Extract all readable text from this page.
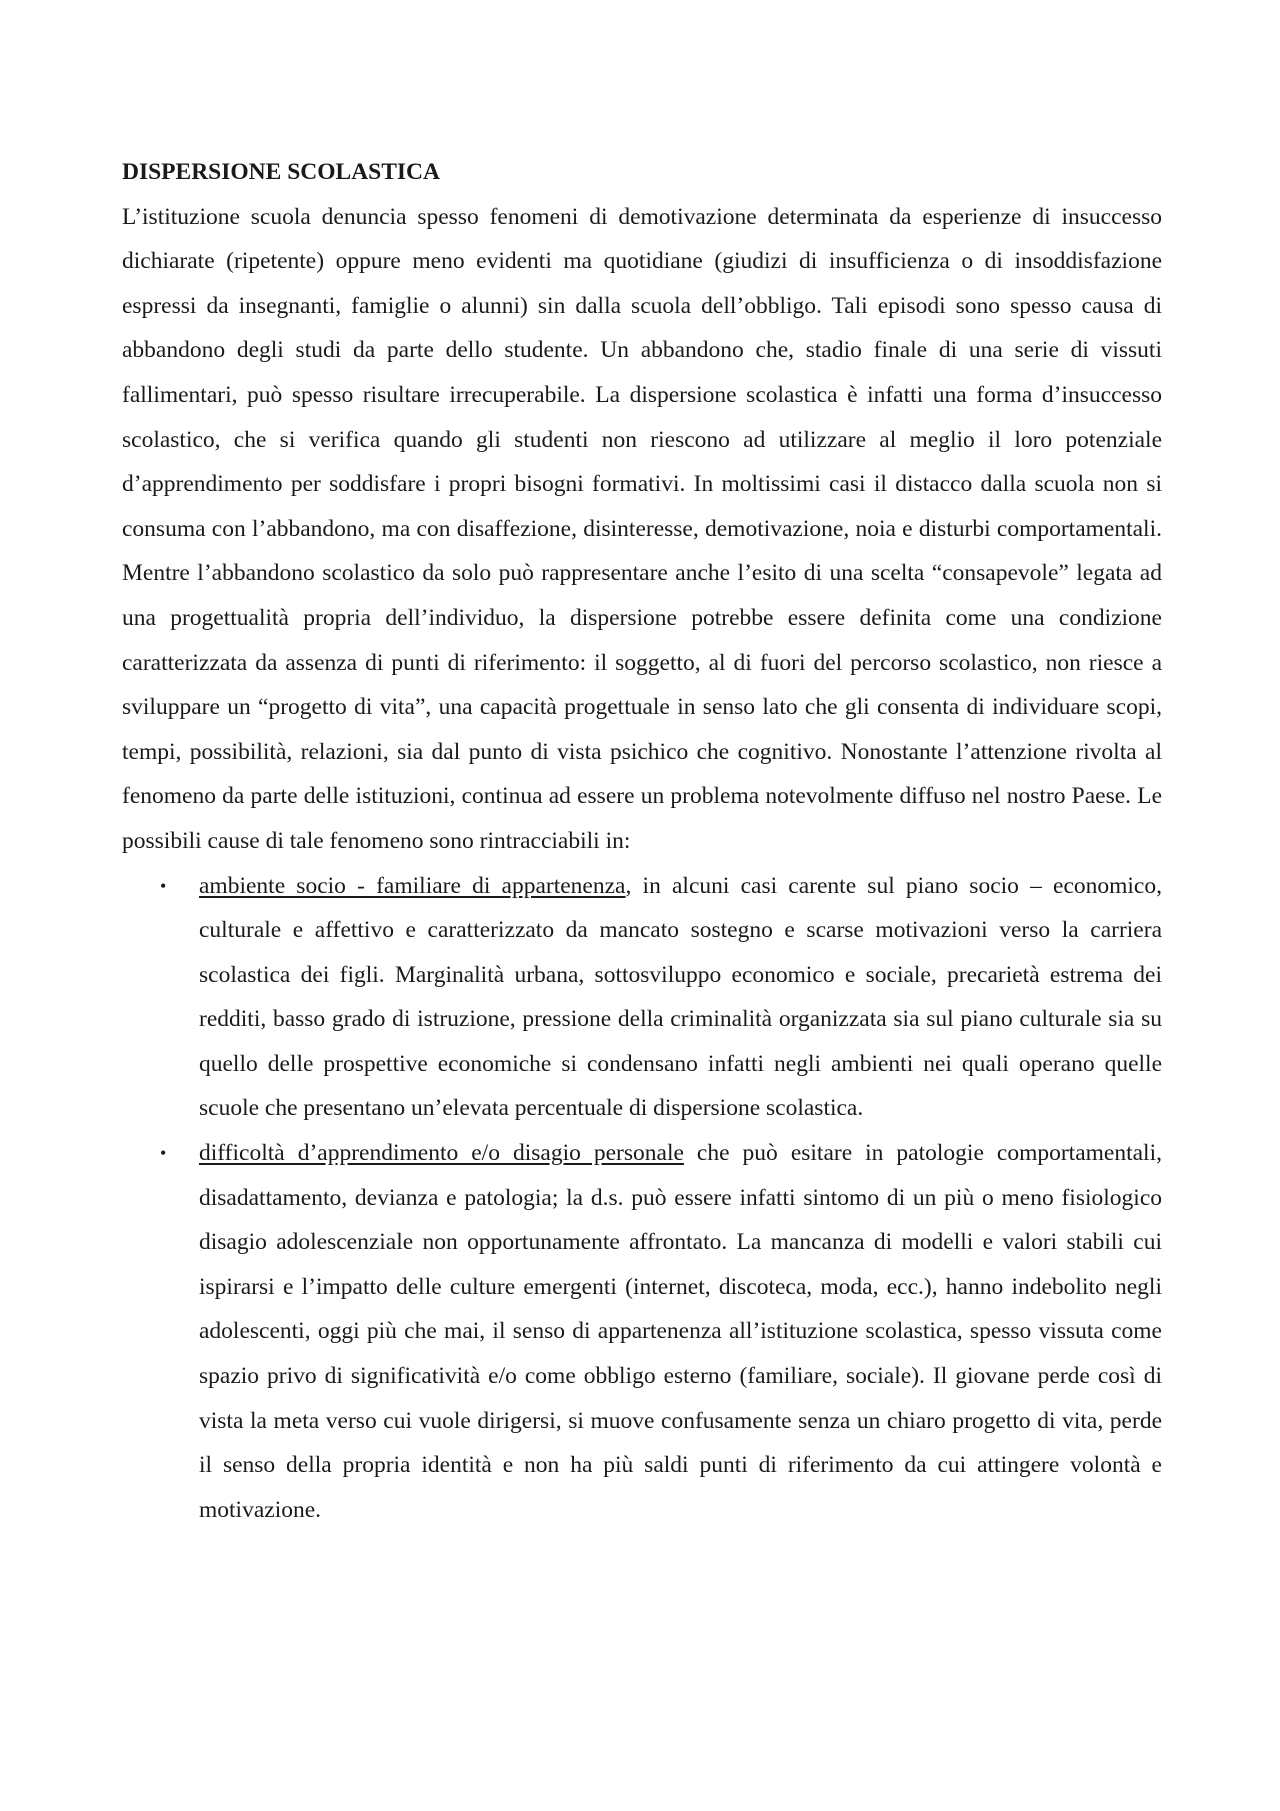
DISPERSIONE SCOLASTICA

L’istituzione scuola denuncia spesso fenomeni di demotivazione determinata da esperienze di insuccesso dichiarate (ripetente) oppure meno evidenti ma quotidiane (giudizi di insufficienza o di insoddisfazione espressi da insegnanti, famiglie o alunni) sin dalla scuola dell’obbligo. Tali episodi sono spesso causa di abbandono degli studi da parte dello studente. Un abbandono che, stadio finale di una serie di vissuti fallimentari, può spesso risultare irrecuperabile. La dispersione scolastica è infatti una forma d’insuccesso scolastico, che si verifica quando gli studenti non riescono ad utilizzare al meglio il loro potenziale d’apprendimento per soddisfare i propri bisogni formativi. In moltissimi casi il distacco dalla scuola non si consuma con l’abbandono, ma con disaffezione, disinteresse, demotivazione, noia e disturbi comportamentali. Mentre l’abbandono scolastico da solo può rappresentare anche l’esito di una scelta “consapevole” legata ad una progettualità propria dell’individuo, la dispersione potrebbe essere definita come una condizione caratterizzata da assenza di punti di riferimento: il soggetto, al di fuori del percorso scolastico, non riesce a sviluppare un “progetto di vita”, una capacità progettuale in senso lato che gli consenta di individuare scopi, tempi, possibilità, relazioni, sia dal punto di vista psichico che cognitivo. Nonostante l’attenzione rivolta al fenomeno da parte delle istituzioni, continua ad essere un problema notevolmente diffuso nel nostro Paese. Le possibili cause di tale fenomeno sono rintracciabili in:

• ambiente socio - familiare di appartenenza, in alcuni casi carente sul piano socio – economico, culturale e affettivo e caratterizzato da mancato sostegno e scarse motivazioni verso la carriera scolastica dei figli. Marginalità urbana, sottosviluppo economico e sociale, precarietà estrema dei redditi, basso grado di istruzione, pressione della criminalità organizzata sia sul piano culturale sia su quello delle prospettive economiche si condensano infatti negli ambienti nei quali operano quelle scuole che presentano un’elevata percentuale di dispersione scolastica.
• difficoltà d’apprendimento e/o disagio personale che può esitare in patologie comportamentali, disadattamento, devianza e patologia; la d.s. può essere infatti sintomo di un più o meno fisiologico disagio adolescenziale non opportunamente affrontato. La mancanza di modelli e valori stabili cui ispirarsi e l’impatto delle culture emergenti (internet, discoteca, moda, ecc.), hanno indebolito negli adolescenti, oggi più che mai, il senso di appartenenza all’istituzione scolastica, spesso vissuta come spazio privo di significatività e/o come obbligo esterno (familiare, sociale). Il giovane perde così di vista la meta verso cui vuole dirigersi, si muove confusamente senza un chiaro progetto di vita, perde il senso della propria identità e non ha più saldi punti di riferimento da cui attingere volontà e motivazione.
